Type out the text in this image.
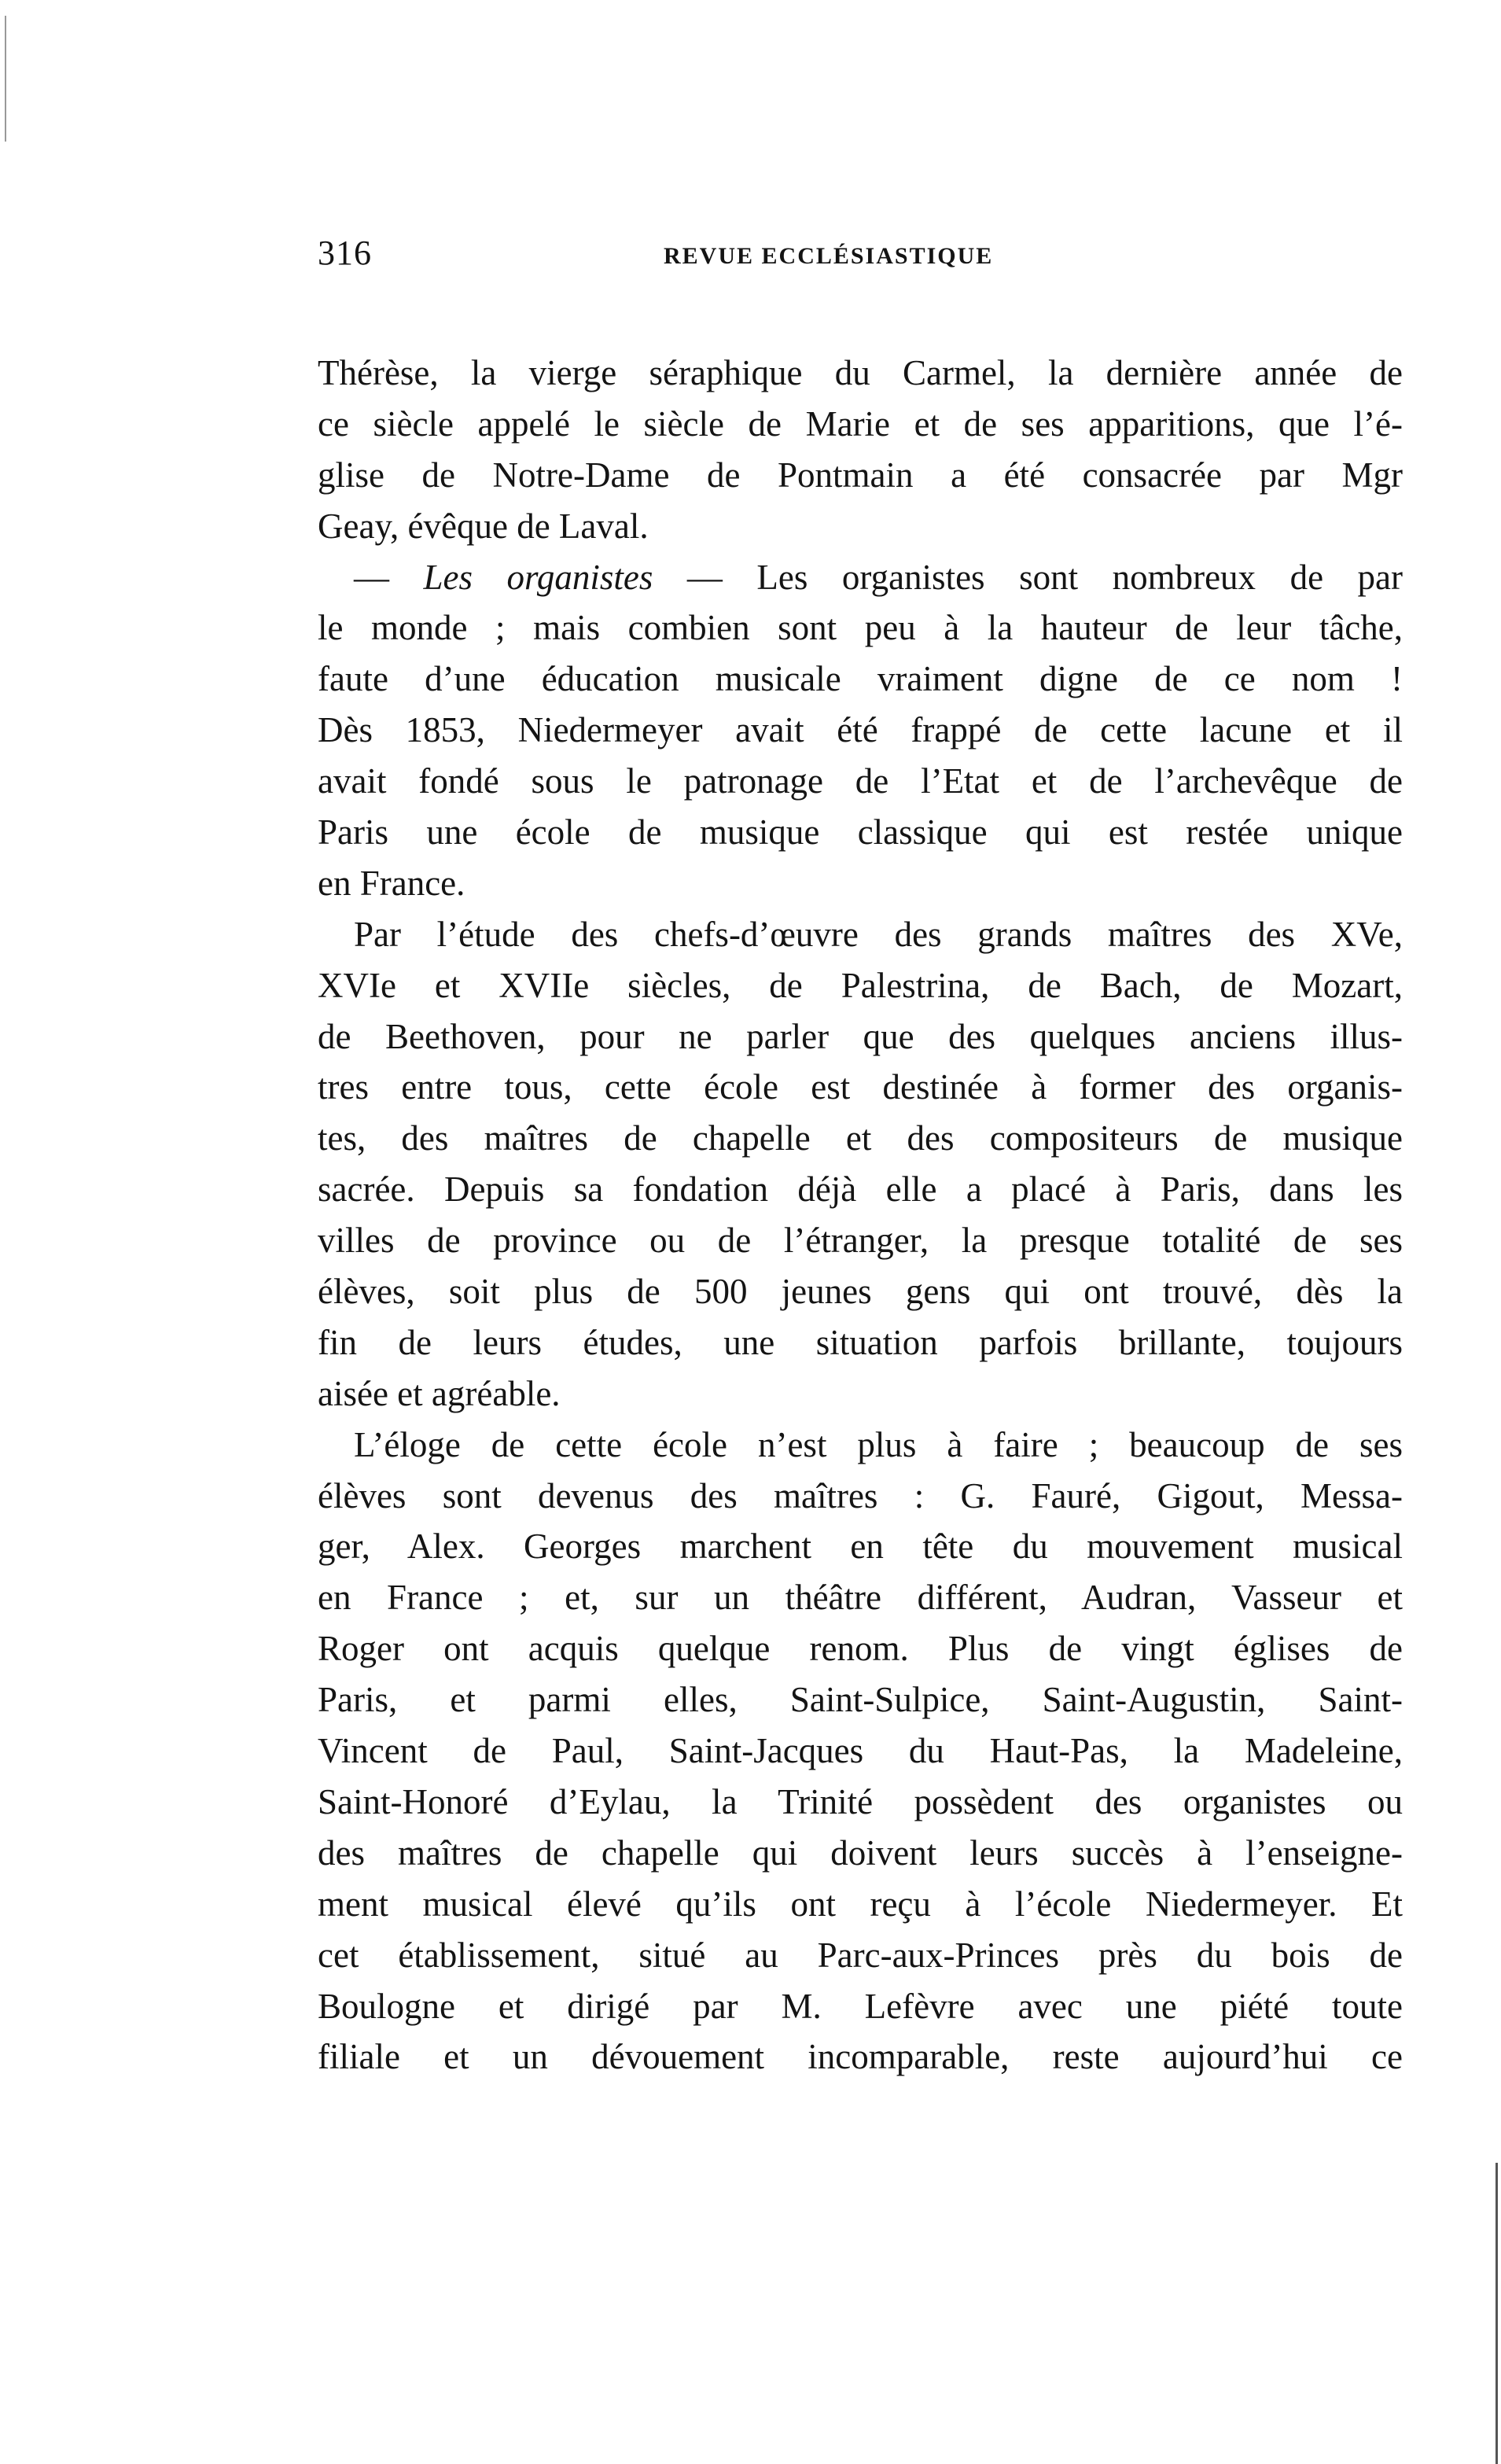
316	REVUE ECCLÉSIASTIQUE
Thérèse, la vierge séraphique du Carmel, la dernière année de
ce siècle appelé le siècle de Marie et de ses apparitions, que l’é-
glise de Notre-Dame de Pontmain a été consacrée par Mgr
Geay, évêque de Laval.
— Les organistes — Les organistes sont nombreux de par
le monde ; mais combien sont peu à la hauteur de leur tâche,
faute d’une éducation musicale vraiment digne de ce nom !
Dès 1853, Niedermeyer avait été frappé de cette lacune et il
avait fondé sous le patronage de l’Etat et de l’archevêque de
Paris une école de musique classique qui est restée unique
en France.
Par l’étude des chefs-d’œuvre des grands maîtres des XVe,
XVIe et XVIIe siècles, de Palestrina, de Bach, de Mozart,
de Beethoven, pour ne parler que des quelques anciens illus-
tres entre tous, cette école est destinée à former des organis-
tes, des maîtres de chapelle et des compositeurs de musique
sacrée. Depuis sa fondation déjà elle a placé à Paris, dans les
villes de province ou de l’étranger, la presque totalité de ses
élèves, soit plus de 500 jeunes gens qui ont trouvé, dès la
fin de leurs études, une situation parfois brillante, toujours
aisée et agréable.
L’éloge de cette école n’est plus à faire ; beaucoup de ses
élèves sont devenus des maîtres : G. Fauré, Gigout, Messa-
ger, Alex. Georges marchent en tête du mouvement musical
en France ; et, sur un théâtre différent, Audran, Vasseur et
Roger ont acquis quelque renom. Plus de vingt églises de
Paris, et parmi elles, Saint-Sulpice, Saint-Augustin, Saint-
Vincent de Paul, Saint-Jacques du Haut-Pas, la Madeleine,
Saint-Honoré d’Eylau, la Trinité possèdent des organistes ou
des maîtres de chapelle qui doivent leurs succès à l’enseigne-
ment musical élevé qu’ils ont reçu à l’école Niedermeyer. Et
cet établissement, situé au Parc-aux-Princes près du bois de
Boulogne et dirigé par M. Lefèvre avec une piété toute
filiale et un dévouement incomparable, reste aujourd’hui ce
